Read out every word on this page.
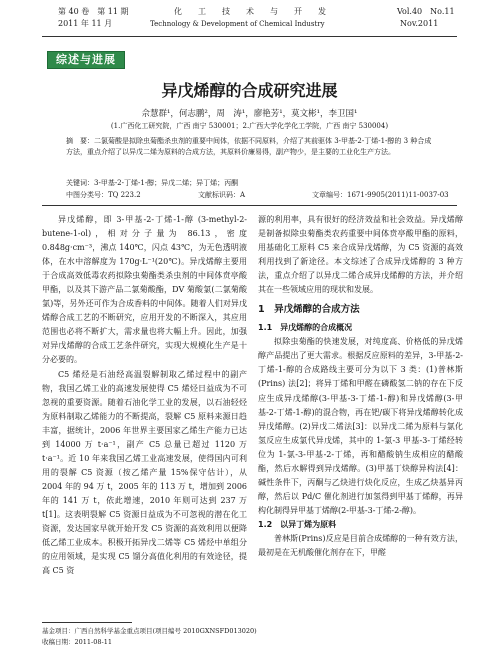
第 40 卷　第 11 期
2011 年 11 月
化　工　技　术　与　开　发
Technology & Development of Chemical Industry
Vol.40　No.11
Nov.2011
综述与进展
异戊烯醇的合成研究进展
佘慧群¹，何志鹏²，周　涛¹，廖艳芳¹，莫文彬¹，李卫国¹
(1.广西化工研究院，广西 南宁 530001；2.广西大学化学化工学院，广西 南宁 530004)
摘　要：二氯菊酸是拟除虫菊酯杀虫剂的重要中间体，依据不同原料，介绍了其前驱体 3-甲基-2-丁烯-1-醇的 3 种合成方法，重点介绍了以异戊二烯为原料的合成方法，其原料价廉易得，副产物少，是主要的工业化生产方法。
关键词：3-甲基-2-丁烯-1-醇；异戊二烯；异丁烯；丙酮
中图分类号：TQ 223.2	文献标识码：A	文章编号：1671-9905(2011)11-0037-03

异戊烯醇，即 3-甲基-2-丁烯-1-醇 (3-methyl-2-butene-1-ol)，相对分子量为 86.13，密度 0.848g·cm⁻³，沸点 140℃，闪点 43℃，为无色透明液体，在水中溶解度为 170g·L⁻¹(20℃)。异戊烯醇主要用于合成高效低毒农药拟除虫菊酯类杀虫剂的中间体贲亭酸甲酯，以及其下游产品二氯菊酸酯，DV 菊酸氯(二氯菊酸氯)等，另外还可作为合成香料的中间体。随着人们对异戊烯醇合成工艺的不断研究，应用开发的不断深入，其应用范围也必将不断扩大，需求量也将大幅上升。因此，加强对异戊烯醇的合成工艺条件研究，实现大规模化生产是十分必要的。

C5 烯烃是石油经高温裂解制取乙烯过程中的副产物，我国乙烯工业的高速发展使得 C5 烯烃日益成为不可忽视的重要资源。随着石油化学工业的发展，以石油轻烃为原料制取乙烯能力的不断提高，裂解 C5 原料来源日趋丰富，据统计，2006 年世界主要国家乙烯生产能力已达到 14000 万 t·a⁻¹，副产 C5 总量已超过 1120 万 t·a⁻¹。近 10 年来我国乙烯工业高速发展，使得国内可利用的裂解 C5 资源（按乙烯产量 15%保守估计），从 2004 年的 94 万 t，2005 年的 113 万 t，增加到 2006 年的 141 万 t，依此增速，2010 年则可达到 237 万 t[1]。这表明裂解 C5 资源日益成为不可忽视的潜在化工资源，发达国家早就开始开发 C5 资源的高效利用以便降低乙烯工业成本。积极开拓异戊二烯等 C5 烯烃中单组分的应用领域，是实现 C5 馏分高值化利用的有效途径，提高 C5 资

源的利用率，具有很好的经济效益和社会效益。异戊烯醇是制备拟除虫菊酯类农药重要中间体贲亭酸甲酯的原料，用基础化工原料 C5 来合成异戊烯醇，为 C5 资源的高效利用找到了新途径。本文综述了合成异戊烯醇的 3 种方法，重点介绍了以异戊二烯合成异戊烯醇的方法，并介绍其在一些领域应用的现状和发展。

1　异戊烯醇的合成方法
1.1　异戊烯醇的合成概况

拟除虫菊酯的快速发展，对纯度高、价格低的异戊烯醇产品提出了更大需求。根据反应原料的差异，3-甲基-2-丁烯-1-醇的合成路线主要可分为以下 3 类：(1)普林斯 (Prins) 法[2]；将异丁烯和甲醛在磷酸氢二钠的存在下反应生成异戊烯醇(3-甲基-3-丁烯-1-醇)和异戊烯醇(3-甲基-2-丁烯-1-醇)的混合物，再在钯/碳下将异戊烯醇转化成异戊烯醇。(2)异戊二烯法[3]：以异戊二烯为原料与氯化氢反应生成氯代异戊烯，其中的 1-氯-3 甲基-3-丁烯经转位为 1-氯-3-甲基-2-丁烯，再和醋酸钠生成相应的醋酸酯，然后水解得到异戊烯醇。(3)甲基丁炔醇异构法[4]：碱性条件下，丙酮与乙炔进行炔化反应，生成乙炔基异丙醇，然后以 Pd/C 催化剂进行加氢得到甲基丁烯醇，再异构化制得异甲基丁烯醇(2-甲基-3-丁烯-2-醇)。

1.2　以异丁烯为原料

普林斯(Prins)反应是目前合成烯醇的一种有效方法，最初是在无机酸催化剂存在下，甲醛

基金项目：广西自然科学基金重点项目(项目编号 2010GXNSFD013020)
收稿日期：2011-08-11
